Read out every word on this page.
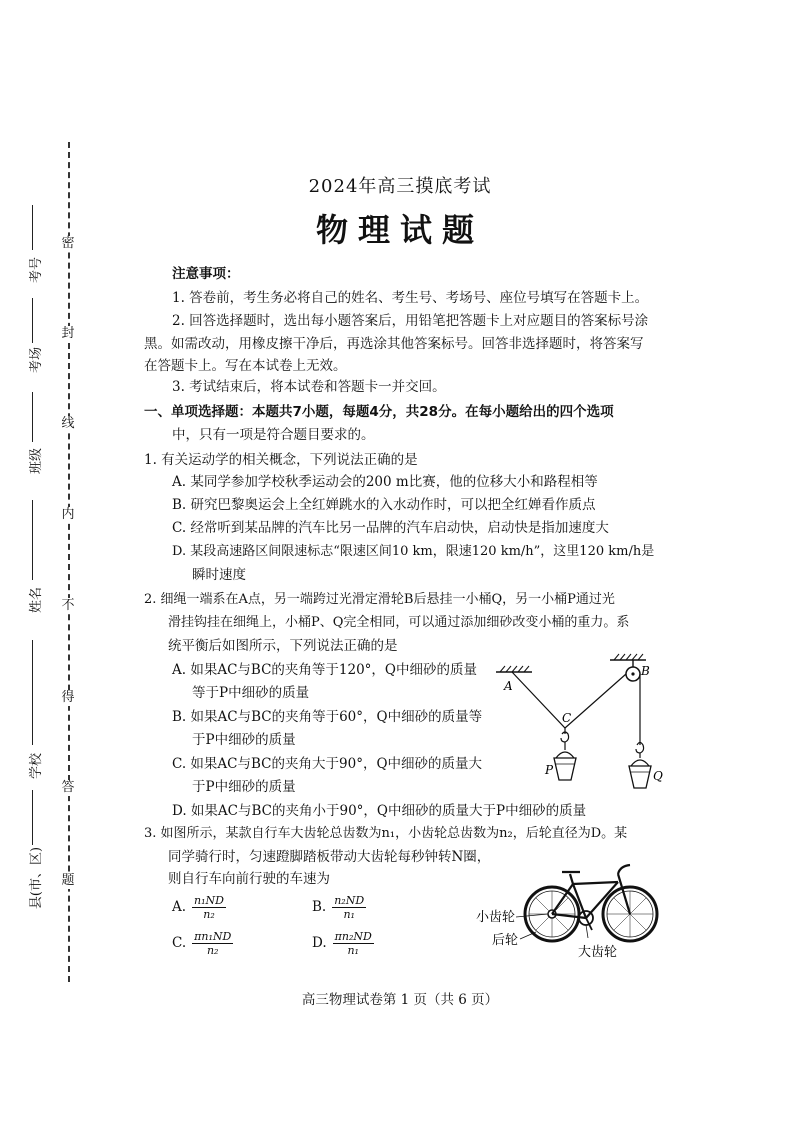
密
封
线
内
不
得
答
题
考号
考场
班级
姓名
学校
县(市、区)
2024年高三摸底考试
物理试题
注意事项：
1. 答卷前，考生务必将自己的姓名、考生号、考场号、座位号填写在答题卡上。
2. 回答选择题时，选出每小题答案后，用铅笔把答题卡上对应题目的答案标号涂
黑。如需改动，用橡皮擦干净后，再选涂其他答案标号。回答非选择题时，将答案写
在答题卡上。写在本试卷上无效。
3. 考试结束后，将本试卷和答题卡一并交回。
一、单项选择题：本题共7小题，每题4分，共28分。在每小题给出的四个选项
中，只有一项是符合题目要求的。
1. 有关运动学的相关概念，下列说法正确的是
A. 某同学参加学校秋季运动会的200 m比赛，他的位移大小和路程相等
B. 研究巴黎奥运会上全红婵跳水的入水动作时，可以把全红婵看作质点
C. 经常听到某品牌的汽车比另一品牌的汽车启动快，启动快是指加速度大
D. 某段高速路区间限速标志“限速区间10 km，限速120 km/h”，这里120 km/h是
瞬时速度
2. 细绳一端系在A点，另一端跨过光滑定滑轮B后悬挂一小桶Q，另一小桶P通过光
滑挂钩挂在细绳上，小桶P、Q完全相同，可以通过添加细砂改变小桶的重力。系
统平衡后如图所示，下列说法正确的是
A. 如果AC与BC的夹角等于120°，Q中细砂的质量
等于P中细砂的质量
B. 如果AC与BC的夹角等于60°，Q中细砂的质量等
于P中细砂的质量
C. 如果AC与BC的夹角大于90°，Q中细砂的质量大
于P中细砂的质量
D. 如果AC与BC的夹角小于90°，Q中细砂的质量大于P中细砂的质量
A
B
C
P	Q
3. 如图所示，某款自行车大齿轮总齿数为n₁，小齿轮总齿数为n₂，后轮直径为D。某
同学骑行时，匀速蹬脚踏板带动大齿轮每秒钟转N圈，
则自行车向前行驶的车速为
A. $\frac{\text{n₁ND}}{\text{n₂}}$	B. $\frac{\text{n₂ND}}{\text{n₁}}$
C. $\frac{\text{πn₁ND}}{\text{n₂}}$	D. $\frac{\text{πn₂ND}}{\text{n₁}}$
小齿轮
后轮
大齿轮
高三物理试卷第 1 页（共 6 页）
